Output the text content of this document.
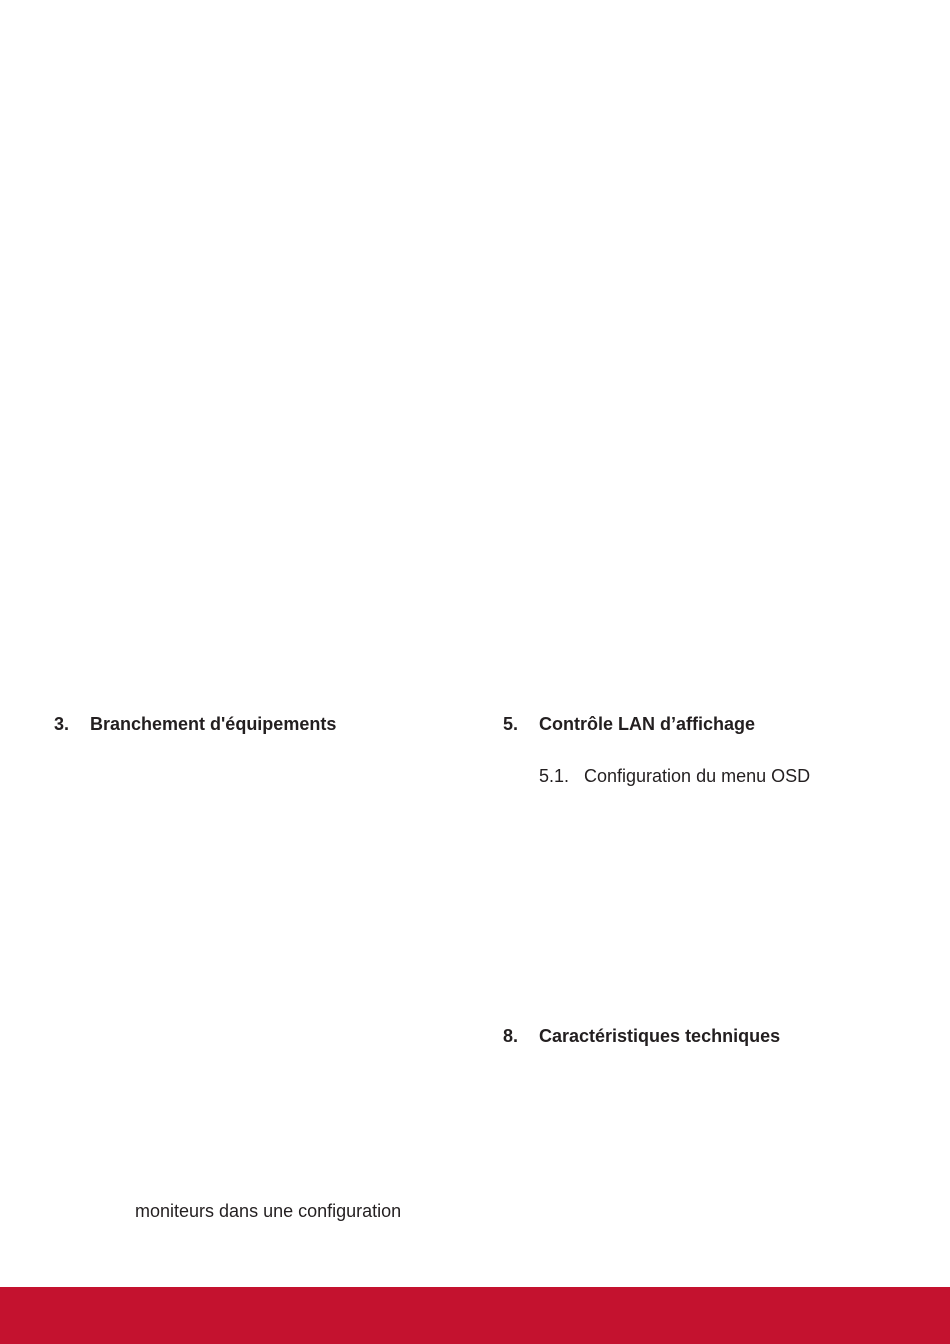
3.	Branchement d'équipements	5.	Contrôle LAN d’affichage
5.1. Configuration du menu OSD
8.	Caractéristiques techniques
moniteurs dans une configuration
